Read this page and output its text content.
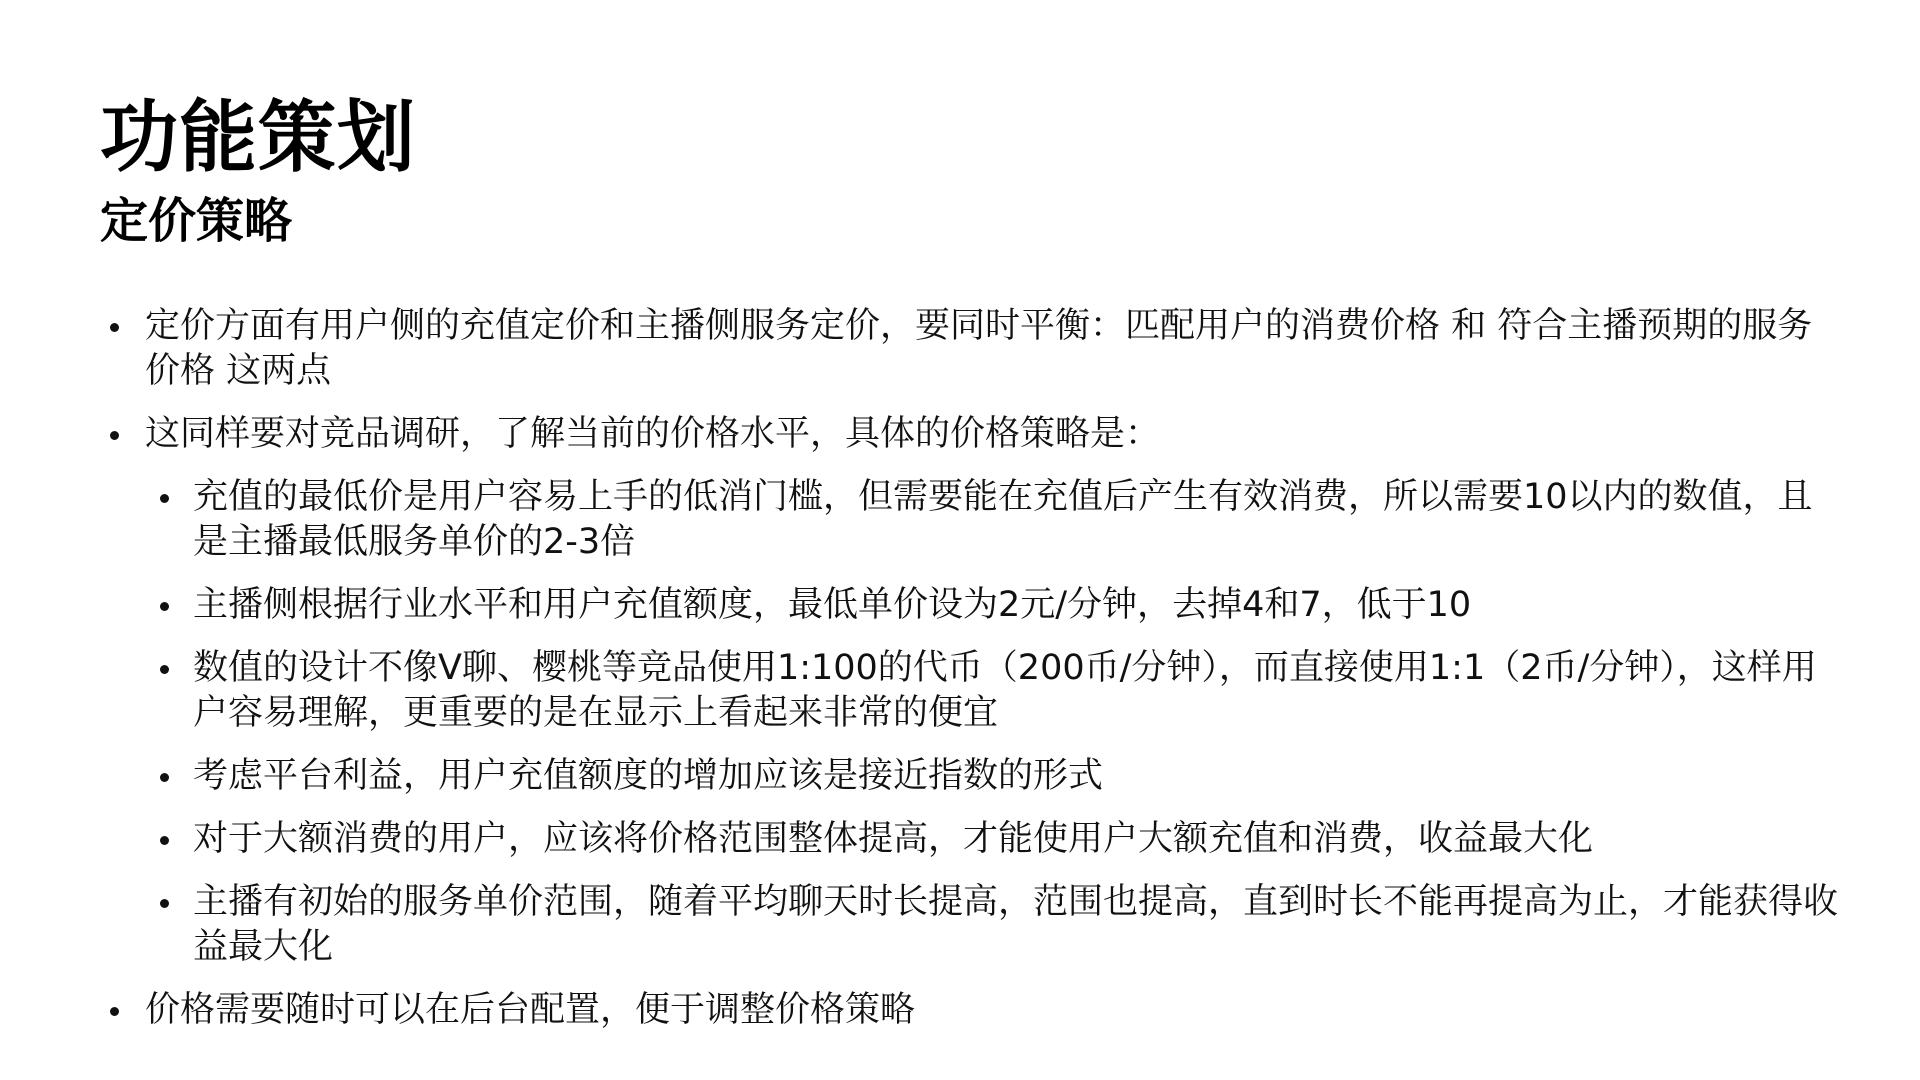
功能策划
定价策略
定价方面有用户侧的充值定价和主播侧服务定价，要同时平衡：匹配用户的消费价格 和 符合主播预期的服务价格 这两点
这同样要对竞品调研，了解当前的价格水平，具体的价格策略是：
充值的最低价是用户容易上手的低消门槛，但需要能在充值后产生有效消费，所以需要10以内的数值，且是主播最低服务单价的2-3倍
主播侧根据行业水平和用户充值额度，最低单价设为2元/分钟，去掉4和7，低于10
数值的设计不像V聊、樱桃等竞品使用1:100的代币（200币/分钟），而直接使用1:1（2币/分钟），这样用户容易理解，更重要的是在显示上看起来非常的便宜
考虑平台利益，用户充值额度的增加应该是接近指数的形式
对于大额消费的用户，应该将价格范围整体提高，才能使用户大额充值和消费，收益最大化
主播有初始的服务单价范围，随着平均聊天时长提高，范围也提高，直到时长不能再提高为止，才能获得收益最大化
价格需要随时可以在后台配置，便于调整价格策略
